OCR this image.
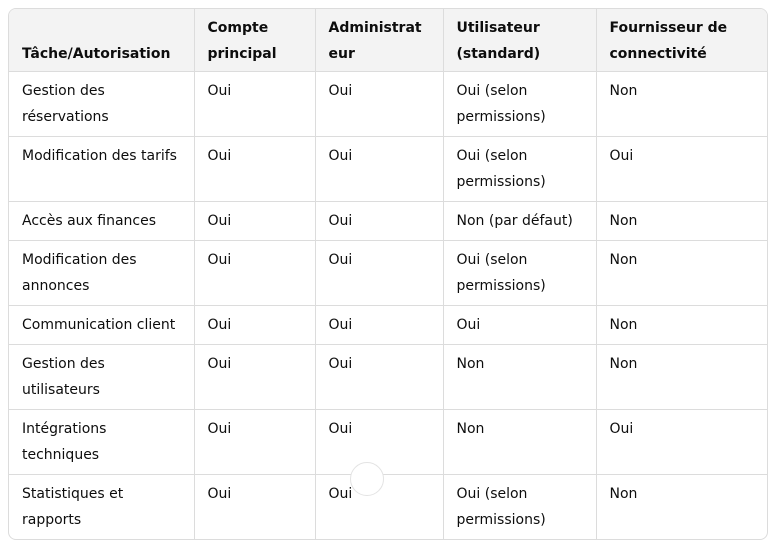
Tâche/Autorisation	Compte principal	Administrateur	Utilisateur (standard)	Fournisseur de connectivité
Gestion des réservations	Oui	Oui	Oui (selon permissions)	Non
Modification des tarifs	Oui	Oui	Oui (selon permissions)	Oui
Accès aux finances	Oui	Oui	Non (par défaut)	Non
Modification des annonces	Oui	Oui	Oui (selon permissions)	Non
Communication client	Oui	Oui	Oui	Non
Gestion des utilisateurs	Oui	Oui	Non	Non
Intégrations techniques	Oui	Oui	Non	Oui
Statistiques et rapports	Oui	Oui	Oui (selon permissions)	Non
